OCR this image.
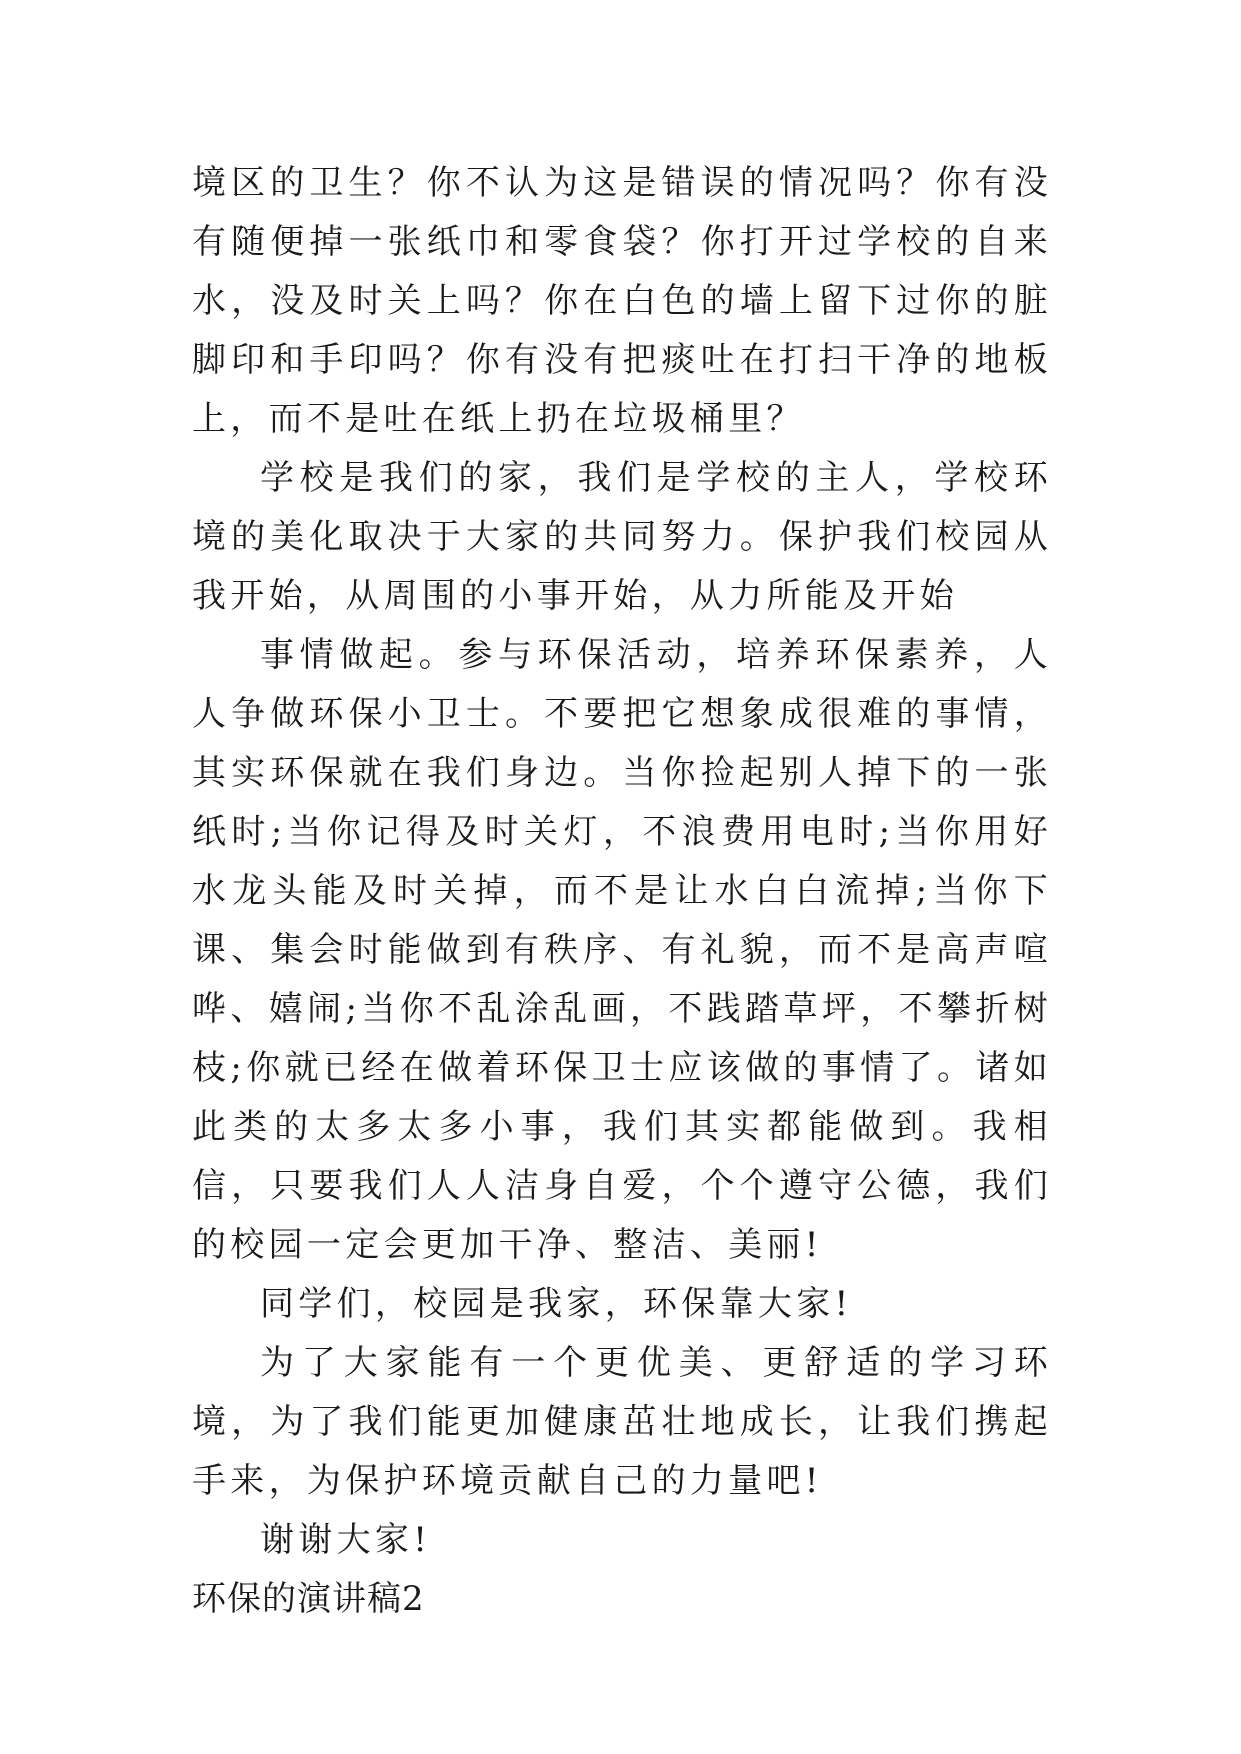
境区的卫生？你不认为这是错误的情况吗？你有没有随便掉一张纸巾和零食袋？你打开过学校的自来水，没及时关上吗？你在白色的墙上留下过你的脏脚印和手印吗？你有没有把痰吐在打扫干净的地板上，而不是吐在纸上扔在垃圾桶里？

学校是我们的家，我们是学校的主人，学校环境的美化取决于大家的共同努力。保护我们校园从我开始，从周围的小事开始，从力所能及开始

事情做起。参与环保活动，培养环保素养，人人争做环保小卫士。不要把它想象成很难的事情，其实环保就在我们身边。当你捡起别人掉下的一张纸时;当你记得及时关灯，不浪费用电时;当你用好水龙头能及时关掉，而不是让水白白流掉;当你下课、集会时能做到有秩序、有礼貌，而不是高声喧哗、嬉闹;当你不乱涂乱画，不践踏草坪，不攀折树枝;你就已经在做着环保卫士应该做的事情了。诸如此类的太多太多小事，我们其实都能做到。我相信，只要我们人人洁身自爱，个个遵守公德，我们的校园一定会更加干净、整洁、美丽!

同学们，校园是我家，环保靠大家!

为了大家能有一个更优美、更舒适的学习环境，为了我们能更加健康茁壮地成长，让我们携起手来，为保护环境贡献自己的力量吧!

谢谢大家!

环保的演讲稿2
